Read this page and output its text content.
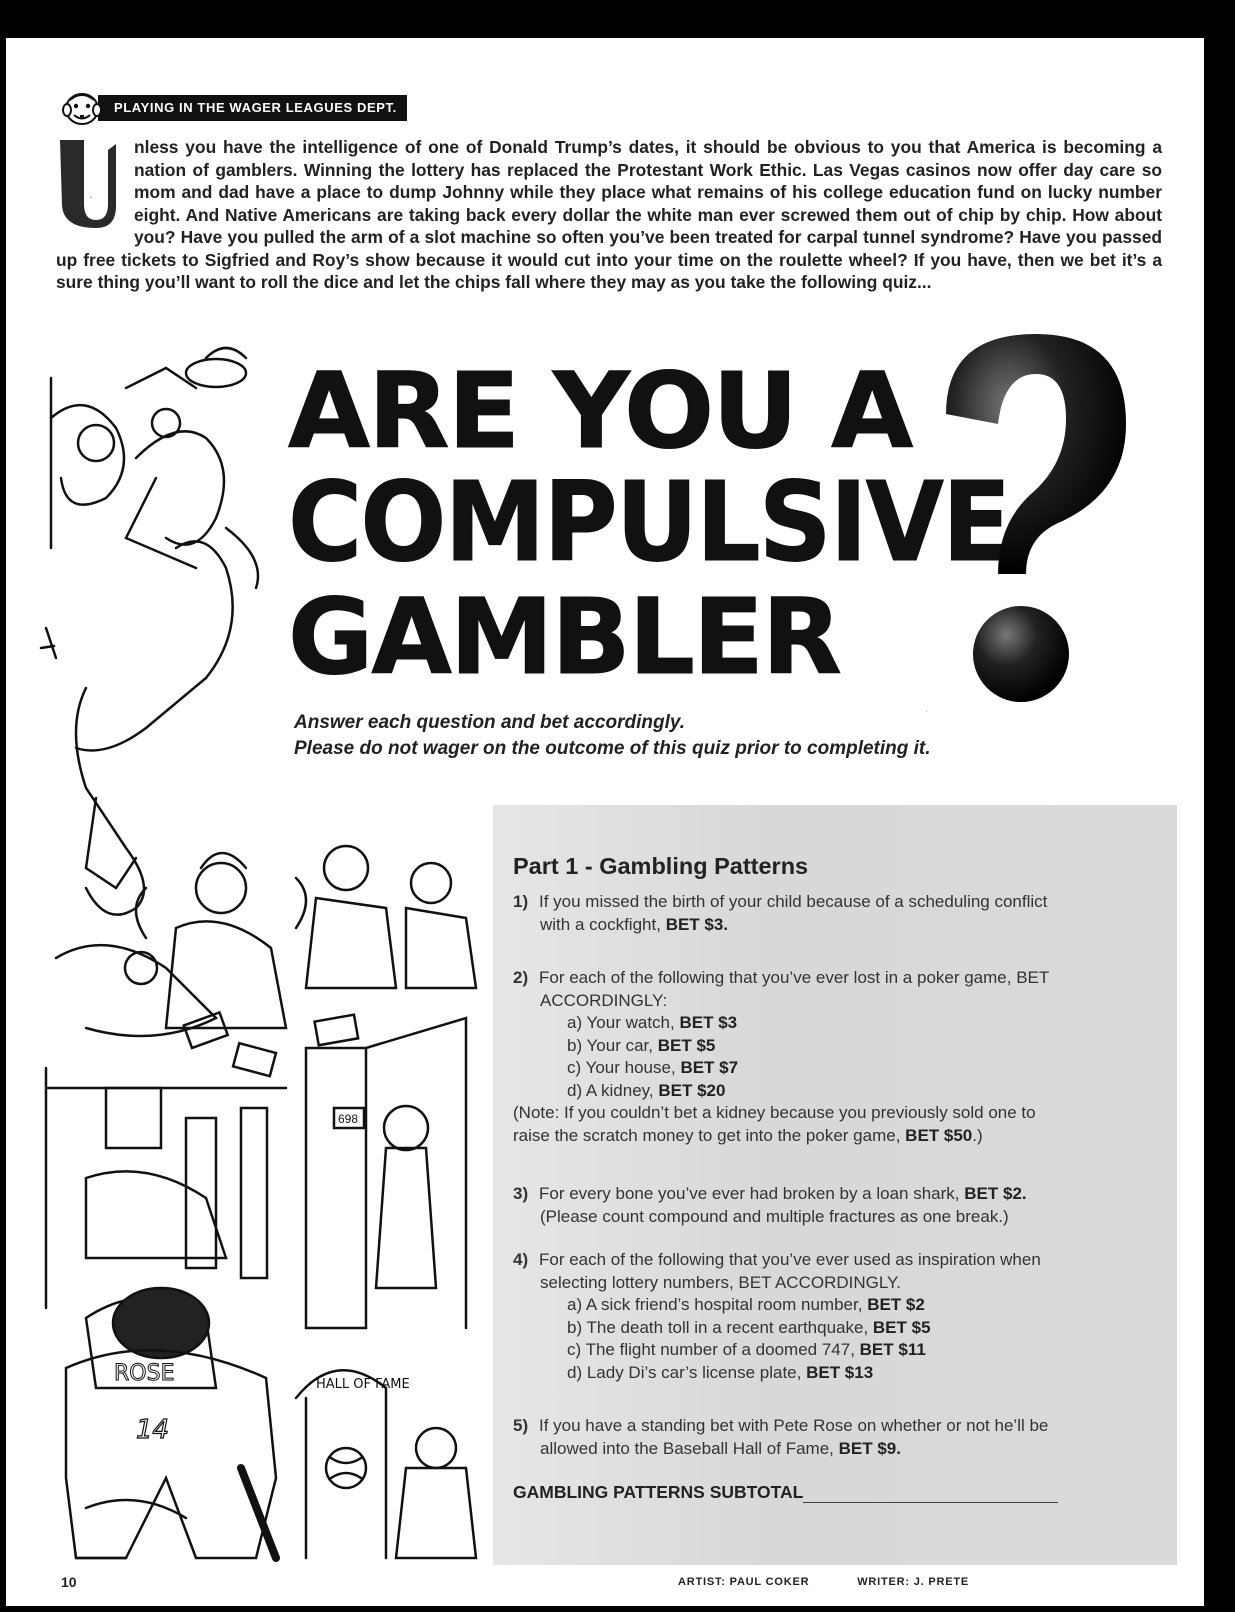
PLAYING IN THE WAGER LEAGUES DEPT.

U
nless you have the intelligence of one of Donald Trump’s dates, it should be obvious to you that America is becoming a nation of gamblers. Winning the lottery has replaced the Protestant Work Ethic. Las Vegas casinos now offer day care so mom and dad have a place to dump Johnny while they place what remains of his college education fund on lucky number eight. And Native Americans are taking back every dollar the white man ever screwed them out of chip by chip. How about you? Have you pulled the arm of a slot machine so often you’ve been treated for carpal tunnel syndrome? Have you passed up free tickets to Sigfried and Roy’s show because it would cut into your time on the roulette wheel? If you have, then we bet it’s a sure thing you’ll want to roll the dice and let the chips fall where they may as you take the following quiz...

698
ROSE
14
HALL OF FAME
ARE YOU A
COMPULSIVE
GAMBLER
?

Answer each question and bet accordingly.
Please do not wager on the outcome of this quiz prior to completing it.

Part 1 - Gambling Patterns
1) If you missed the birth of your child because of a scheduling conflict
with a cockfight, BET $3.
2) For each of the following that you’ve ever lost in a poker game, BET
ACCORDINGLY:
a) Your watch, BET $3
b) Your car, BET $5
c) Your house, BET $7
d) A kidney, BET $20
(Note: If you couldn’t bet a kidney because you previously sold one to
raise the scratch money to get into the poker game, BET $50.)
3) For every bone you’ve ever had broken by a loan shark, BET $2.
(Please count compound and multiple fractures as one break.)
4) For each of the following that you’ve ever used as inspiration when
selecting lottery numbers, BET ACCORDINGLY.
a) A sick friend’s hospital room number, BET $2
b) The death toll in a recent earthquake, BET $5
c) The flight number of a doomed 747, BET $11
d) Lady Di’s car’s license plate, BET $13
5) If you have a standing bet with Pete Rose on whether or not he’ll be
allowed into the Baseball Hall of Fame, BET $9.
GAMBLING PATTERNS SUBTOTAL
10	ARTIST: PAUL COKER	WRITER: J. PRETE
